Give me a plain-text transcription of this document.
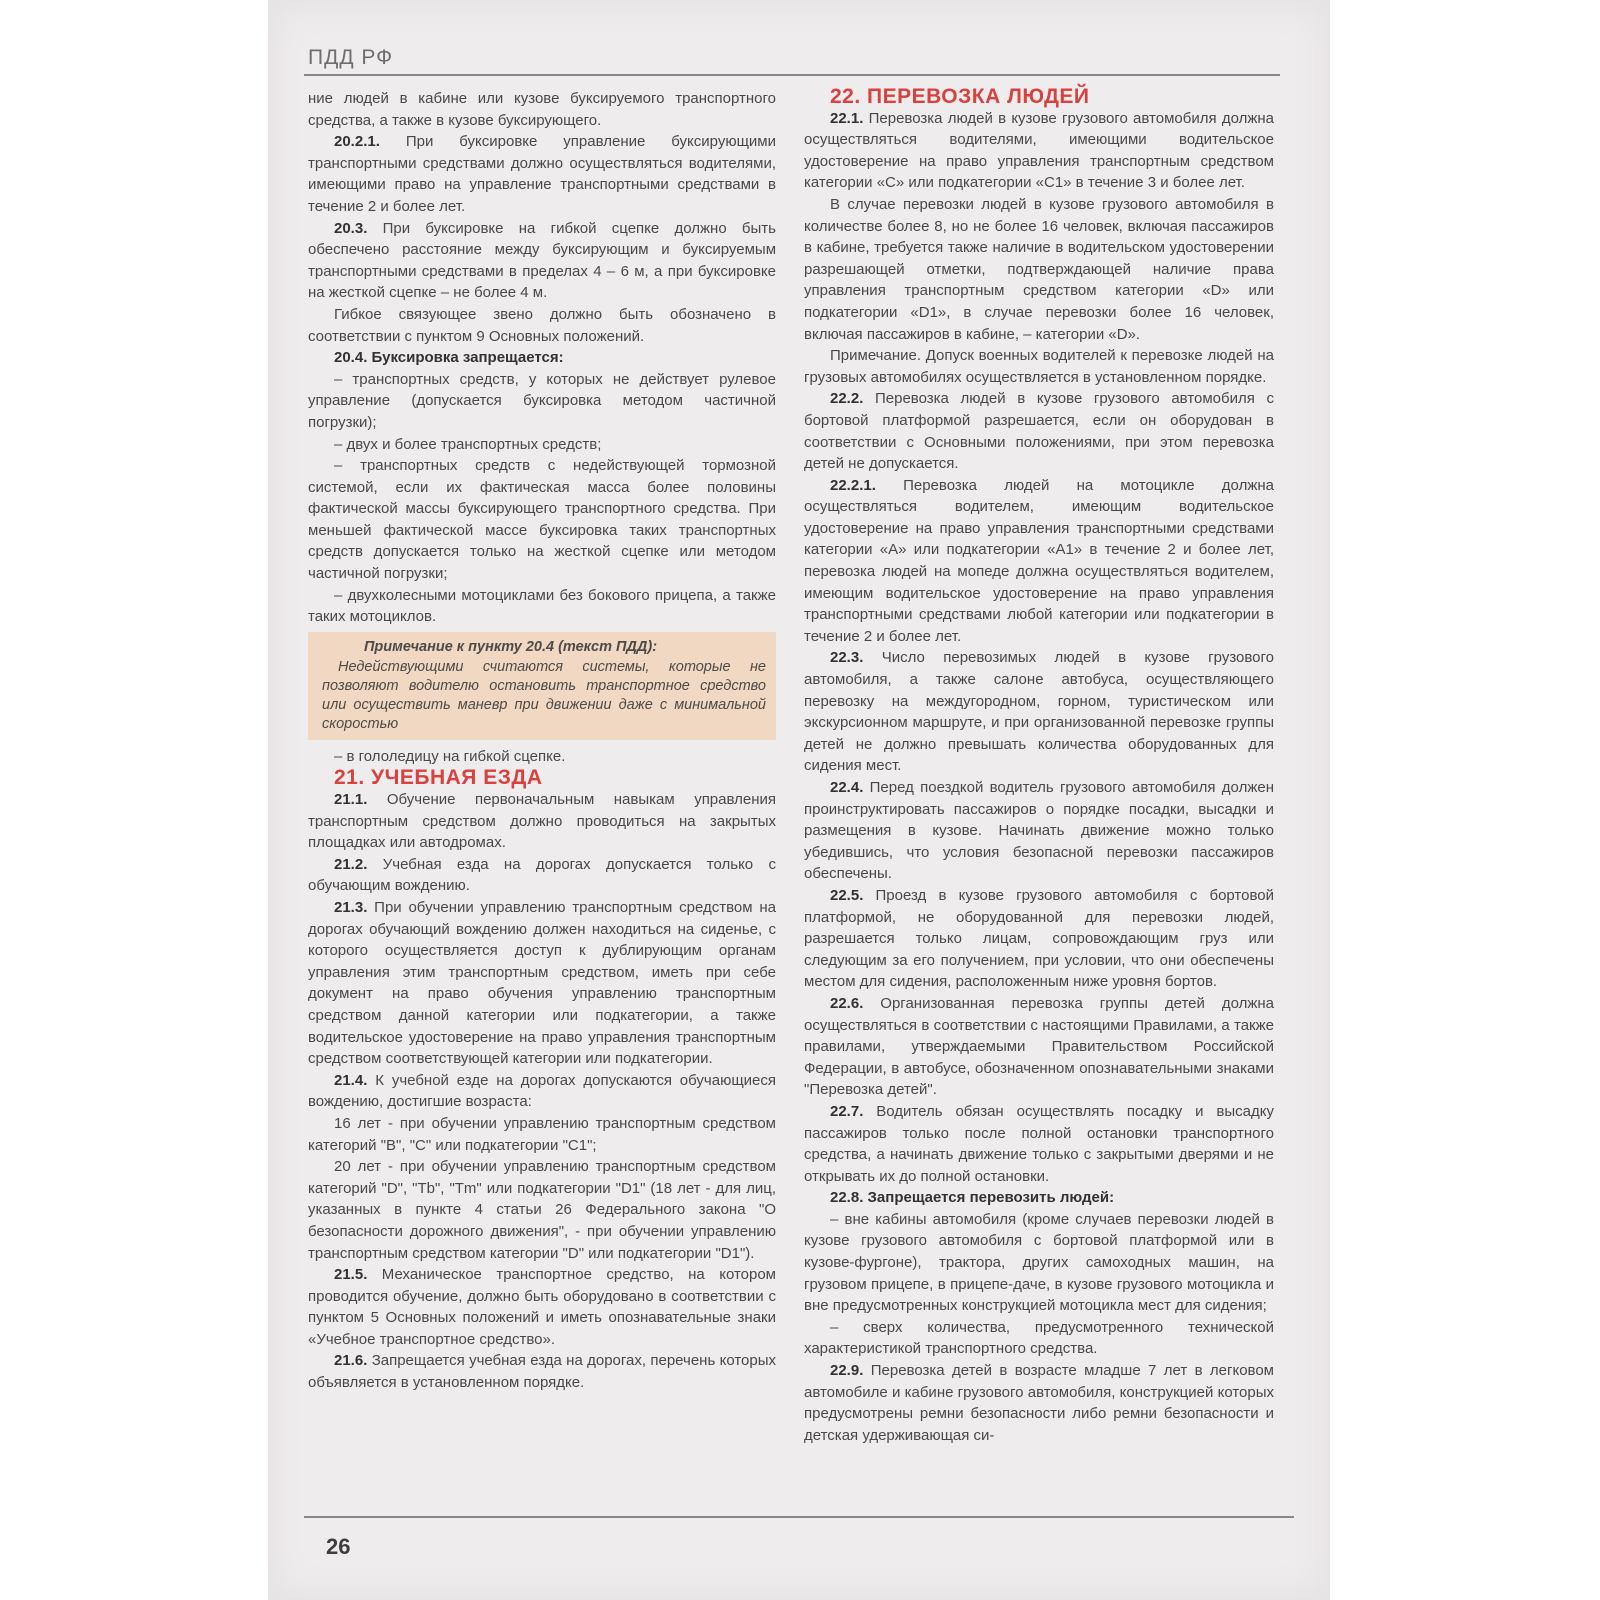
ПДД РФ

ние людей в кабине или кузове буксируемого транспортного средства, а также в кузове буксирующего.

20.2.1. При буксировке управление буксирующими транспортными средствами должно осуществляться водителями, имеющими право на управление транспортными средствами в течение 2 и более лет.

20.3. При буксировке на гибкой сцепке должно быть обеспечено расстояние между буксирующим и буксируемым транспортными средствами в пределах 4 – 6 м, а при буксировке на жесткой сцепке – не более 4 м.

Гибкое связующее звено должно быть обозначено в соответствии с пунктом 9 Основных положений.

20.4. Буксировка запрещается:

– транспортных средств, у которых не действует рулевое управление (допускается буксировка методом частичной погрузки);

– двух и более транспортных средств;

– транспортных средств с недействующей тормозной системой, если их фактическая масса более половины фактической массы буксирующего транспортного средства. При меньшей фактической массе буксировка таких транспортных средств допускается только на жесткой сцепке или методом частичной погрузки;

– двухколесными мотоциклами без бокового прицепа, а также таких мотоциклов.

Примечание к пункту 20.4 (текст ПДД):

Недействующими считаются системы, которые не позволяют водителю остановить транспортное средство или осуществить маневр при движении даже с минимальной скоростью

– в гололедицу на гибкой сцепке.

21. УЧЕБНАЯ ЕЗДА

21.1. Обучение первоначальным навыкам управления транспортным средством должно проводиться на закрытых площадках или автодромах.

21.2. Учебная езда на дорогах допускается только с обучающим вождению.

21.3. При обучении управлению транспортным средством на дорогах обучающий вождению должен находиться на сиденье, с которого осуществляется доступ к дублирующим органам управления этим транспортным средством, иметь при себе документ на право обучения управлению транспортным средством данной категории или подкатегории, а также водительское удостоверение на право управления транспортным средством соответствующей категории или подкатегории.

21.4. К учебной езде на дорогах допускаются обучающиеся вождению, достигшие возраста:

16 лет - при обучении управлению транспортным средством категорий "B", "C" или подкатегории "C1";

20 лет - при обучении управлению транспортным средством категорий "D", "Tb", "Tm" или подкатегории "D1" (18 лет - для лиц, указанных в пункте 4 статьи 26 Федерального закона "О безопасности дорожного движения", - при обучении управлению транспортным средством категории "D" или подкатегории "D1").

21.5. Механическое транспортное средство, на котором проводится обучение, должно быть оборудовано в соответствии с пунктом 5 Основных положений и иметь опознавательные знаки «Учебное транспортное средство».

21.6. Запрещается учебная езда на дорогах, перечень которых объявляется в установленном порядке.

22. ПЕРЕВОЗКА ЛЮДЕЙ

22.1. Перевозка людей в кузове грузового автомобиля должна осуществляться водителями, имеющими водительское удостоверение на право управления транспортным средством категории «C» или подкатегории «C1» в течение 3 и более лет.

В случае перевозки людей в кузове грузового автомобиля в количестве более 8, но не более 16 человек, включая пассажиров в кабине, требуется также наличие в водительском удостоверении разрешающей отметки, подтверждающей наличие права управления транспортным средством категории «D» или подкатегории «D1», в случае перевозки более 16 человек, включая пассажиров в кабине, – категории «D».

Примечание. Допуск военных водителей к перевозке людей на грузовых автомобилях осуществляется в установленном порядке.

22.2. Перевозка людей в кузове грузового автомобиля с бортовой платформой разрешается, если он оборудован в соответствии с Основными положениями, при этом перевозка детей не допускается.

22.2.1. Перевозка людей на мотоцикле должна осуществляться водителем, имеющим водительское удостоверение на право управления транспортными средствами категории «A» или подкатегории «A1» в течение 2 и более лет, перевозка людей на мопеде должна осуществляться водителем, имеющим водительское удостоверение на право управления транспортными средствами любой категории или подкатегории в течение 2 и более лет.

22.3. Число перевозимых людей в кузове грузового автомобиля, а также салоне автобуса, осуществляющего перевозку на междугородном, горном, туристическом или экскурсионном маршруте, и при организованной перевозке группы детей не должно превышать количества оборудованных для сидения мест.

22.4. Перед поездкой водитель грузового автомобиля должен проинструктировать пассажиров о порядке посадки, высадки и размещения в кузове. Начинать движение можно только убедившись, что условия безопасной перевозки пассажиров обеспечены.

22.5. Проезд в кузове грузового автомобиля с бортовой платформой, не оборудованной для перевозки людей, разрешается только лицам, сопровождающим груз или следующим за его получением, при условии, что они обеспечены местом для сидения, расположенным ниже уровня бортов.

22.6. Организованная перевозка группы детей должна осуществляться в соответствии с настоящими Правилами, а также правилами, утверждаемыми Правительством Российской Федерации, в автобусе, обозначенном опознавательными знаками "Перевозка детей".

22.7. Водитель обязан осуществлять посадку и высадку пассажиров только после полной остановки транспортного средства, а начинать движение только с закрытыми дверями и не открывать их до полной остановки.

22.8. Запрещается перевозить людей:

– вне кабины автомобиля (кроме случаев перевозки людей в кузове грузового автомобиля с бортовой платформой или в кузове-фургоне), трактора, других самоходных машин, на грузовом прицепе, в прицепе-даче, в кузове грузового мотоцикла и вне предусмотренных конструкцией мотоцикла мест для сидения;

– сверх количества, предусмотренного технической характеристикой транспортного средства.

22.9. Перевозка детей в возрасте младше 7 лет в легковом автомобиле и кабине грузового автомобиля, конструкцией которых предусмотрены ремни безопасности либо ремни безопасности и детская удерживающая си-

26
